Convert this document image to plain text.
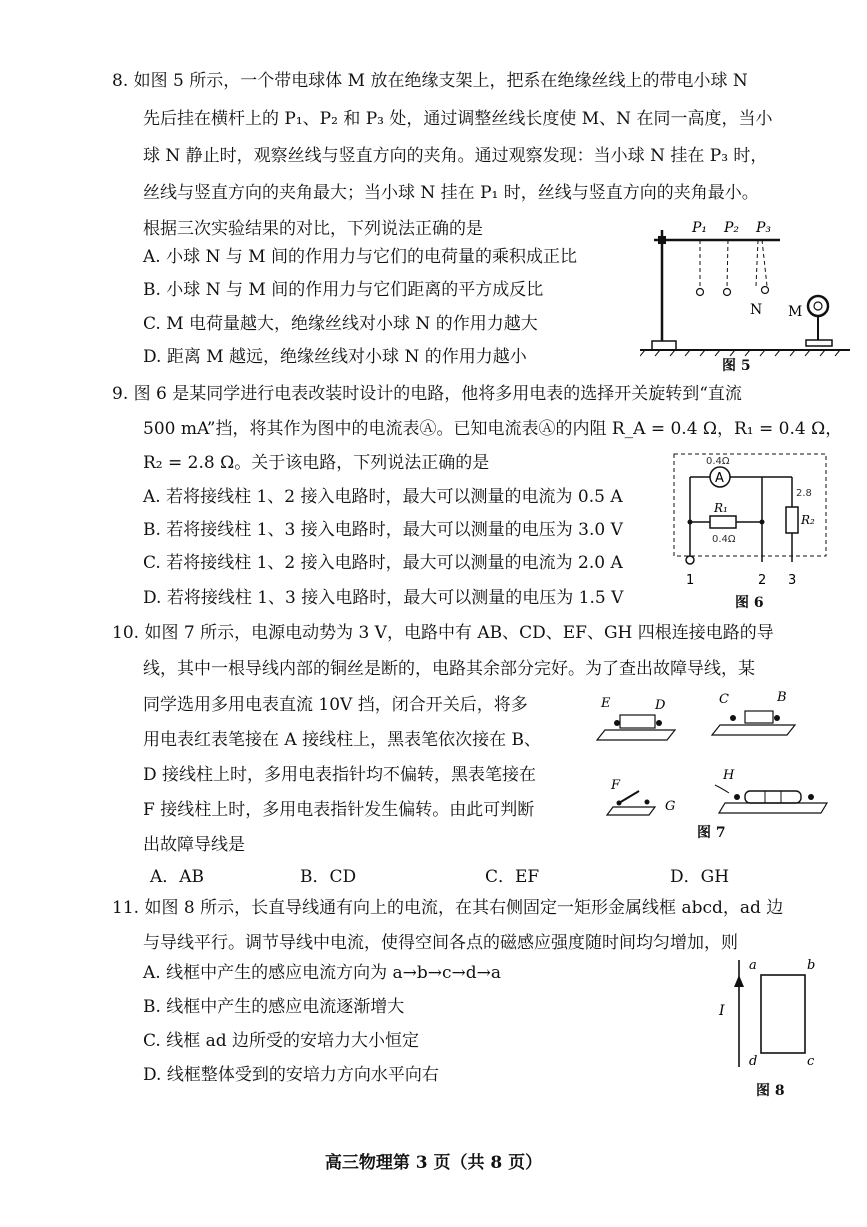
8. 如图 5 所示，一个带电球体 M 放在绝缘支架上，把系在绝缘丝线上的带电小球 N
先后挂在横杆上的 P₁、P₂ 和 P₃ 处，通过调整丝线长度使 M、N 在同一高度，当小
球 N 静止时，观察丝线与竖直方向的夹角。通过观察发现：当小球 N 挂在 P₃ 时，
丝线与竖直方向的夹角最大；当小球 N 挂在 P₁ 时，丝线与竖直方向的夹角最小。
根据三次实验结果的对比，下列说法正确的是
A. 小球 N 与 M 间的作用力与它们的电荷量的乘积成正比
B. 小球 N 与 M 间的作用力与它们距离的平方成反比
C. M 电荷量越大，绝缘丝线对小球 N 的作用力越大
D. 距离 M 越远，绝缘丝线对小球 N 的作用力越小
P₁ P₂ P₃
N M
图 5
9. 图 6 是某同学进行电表改装时设计的电路，他将多用电表的选择开关旋转到“直流
500 mA”挡，将其作为图中的电流表Ⓐ。已知电流表Ⓐ的内阻 R_A = 0.4 Ω，R₁ = 0.4 Ω，
R₂ = 2.8 Ω。关于该电路，下列说法正确的是
A. 若将接线柱 1、2 接入电路时，最大可以测量的电流为 0.5 A
B. 若将接线柱 1、3 接入电路时，最大可以测量的电压为 3.0 V
C. 若将接线柱 1、2 接入电路时，最大可以测量的电流为 2.0 A
D. 若将接线柱 1、3 接入电路时，最大可以测量的电压为 1.5 V
A
R₁
0.4Ω
0.4Ω
R₂
2.8
1	2 3
图 6
10. 如图 7 所示，电源电动势为 3 V，电路中有 AB、CD、EF、GH 四根连接电路的导
线，其中一根导线内部的铜丝是断的，电路其余部分完好。为了查出故障导线，某
同学选用多用电表直流 10V 挡，闭合开关后，将多
用电表红表笔接在 A 接线柱上，黑表笔依次接在 B、
D 接线柱上时，多用电表指针均不偏转，黑表笔接在
F 接线柱上时，多用电表指针发生偏转。由此可判断
出故障导线是
A．AB	B．CD	C．EF	D．GH
E	D	C	B
F
G
H
图 7
11. 如图 8 所示，长直导线通有向上的电流，在其右侧固定一矩形金属线框 abcd，ad 边
与导线平行。调节导线中电流，使得空间各点的磁感应强度随时间均匀增加，则
A. 线框中产生的感应电流方向为 a→b→c→d→a
B. 线框中产生的感应电流逐渐增大
C. 线框 ad 边所受的安培力大小恒定
D. 线框整体受到的安培力方向水平向右
I
a	b
c
d
图 8
高三物理第 3 页（共 8 页）
